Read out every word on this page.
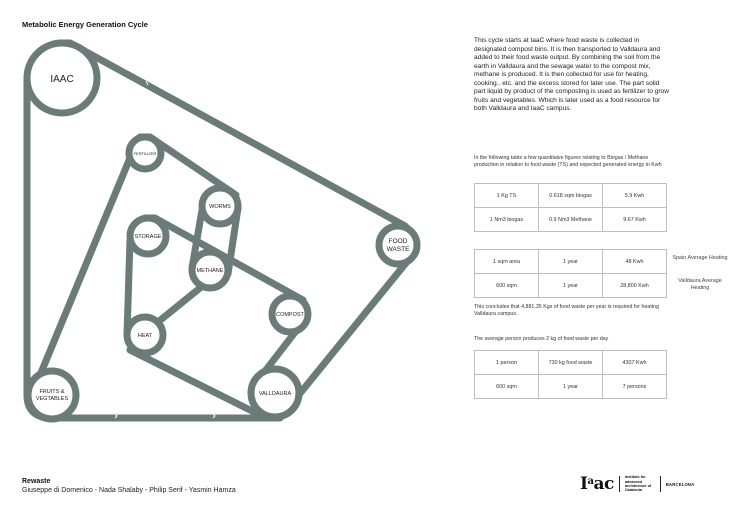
Metabolic Energy Generation Cycle
IAAC
FOOD
WASTE
FERTILIZER
WORMS
STORAGE
METHANE
COMPOST
HEAT
FRUITS &
VEGTABLES
VALLDAURA
This cycle starts at IaaC where food waste is collected in designated compost bins. It is then transported to Valldaura and added to their food waste output. By combining the soil from the earth in Valldaura and the sewage water to the compost mix, methane is produced. It is then collected for use for heating, cooking.. etc. and the excess stored for later use. The part solid part liquid by product of the composting is used as fertilizer to grow fruits and vegetables. Which is later used as a food resource for both Valldaura and IaaC campus.
In the following table a few quantitaive figures relating to Biogas / Methane production in relation to food waste (TS) and expected generated energy in Kwh
1 Kg TS	0.618 sqm biogas	5.9 Kwh
1 Nm3 biogas	0.9 Nm3 Methane	9.67 Kwh
1 sqm area	1 year	48 Kwh
600 sqm	1 year	28,800 Kwh
Spain Average Heating
Valldaura Average Heating
This concludes that 4,881.35 Kgs of food waste per year is required for heating Valldaura campus.
The average person produces 2 kg of food waste per day
1 person	730 kg food waste	4307 Kwh
600 sqm	1 year	7 persons
Rewaste
Giuseppe di Domenico - Nada Shalaby - Philip Serif - Yasmin Hamza	$I^aac$	Institute for advanced architecture of Catalonia
BARCELONA
